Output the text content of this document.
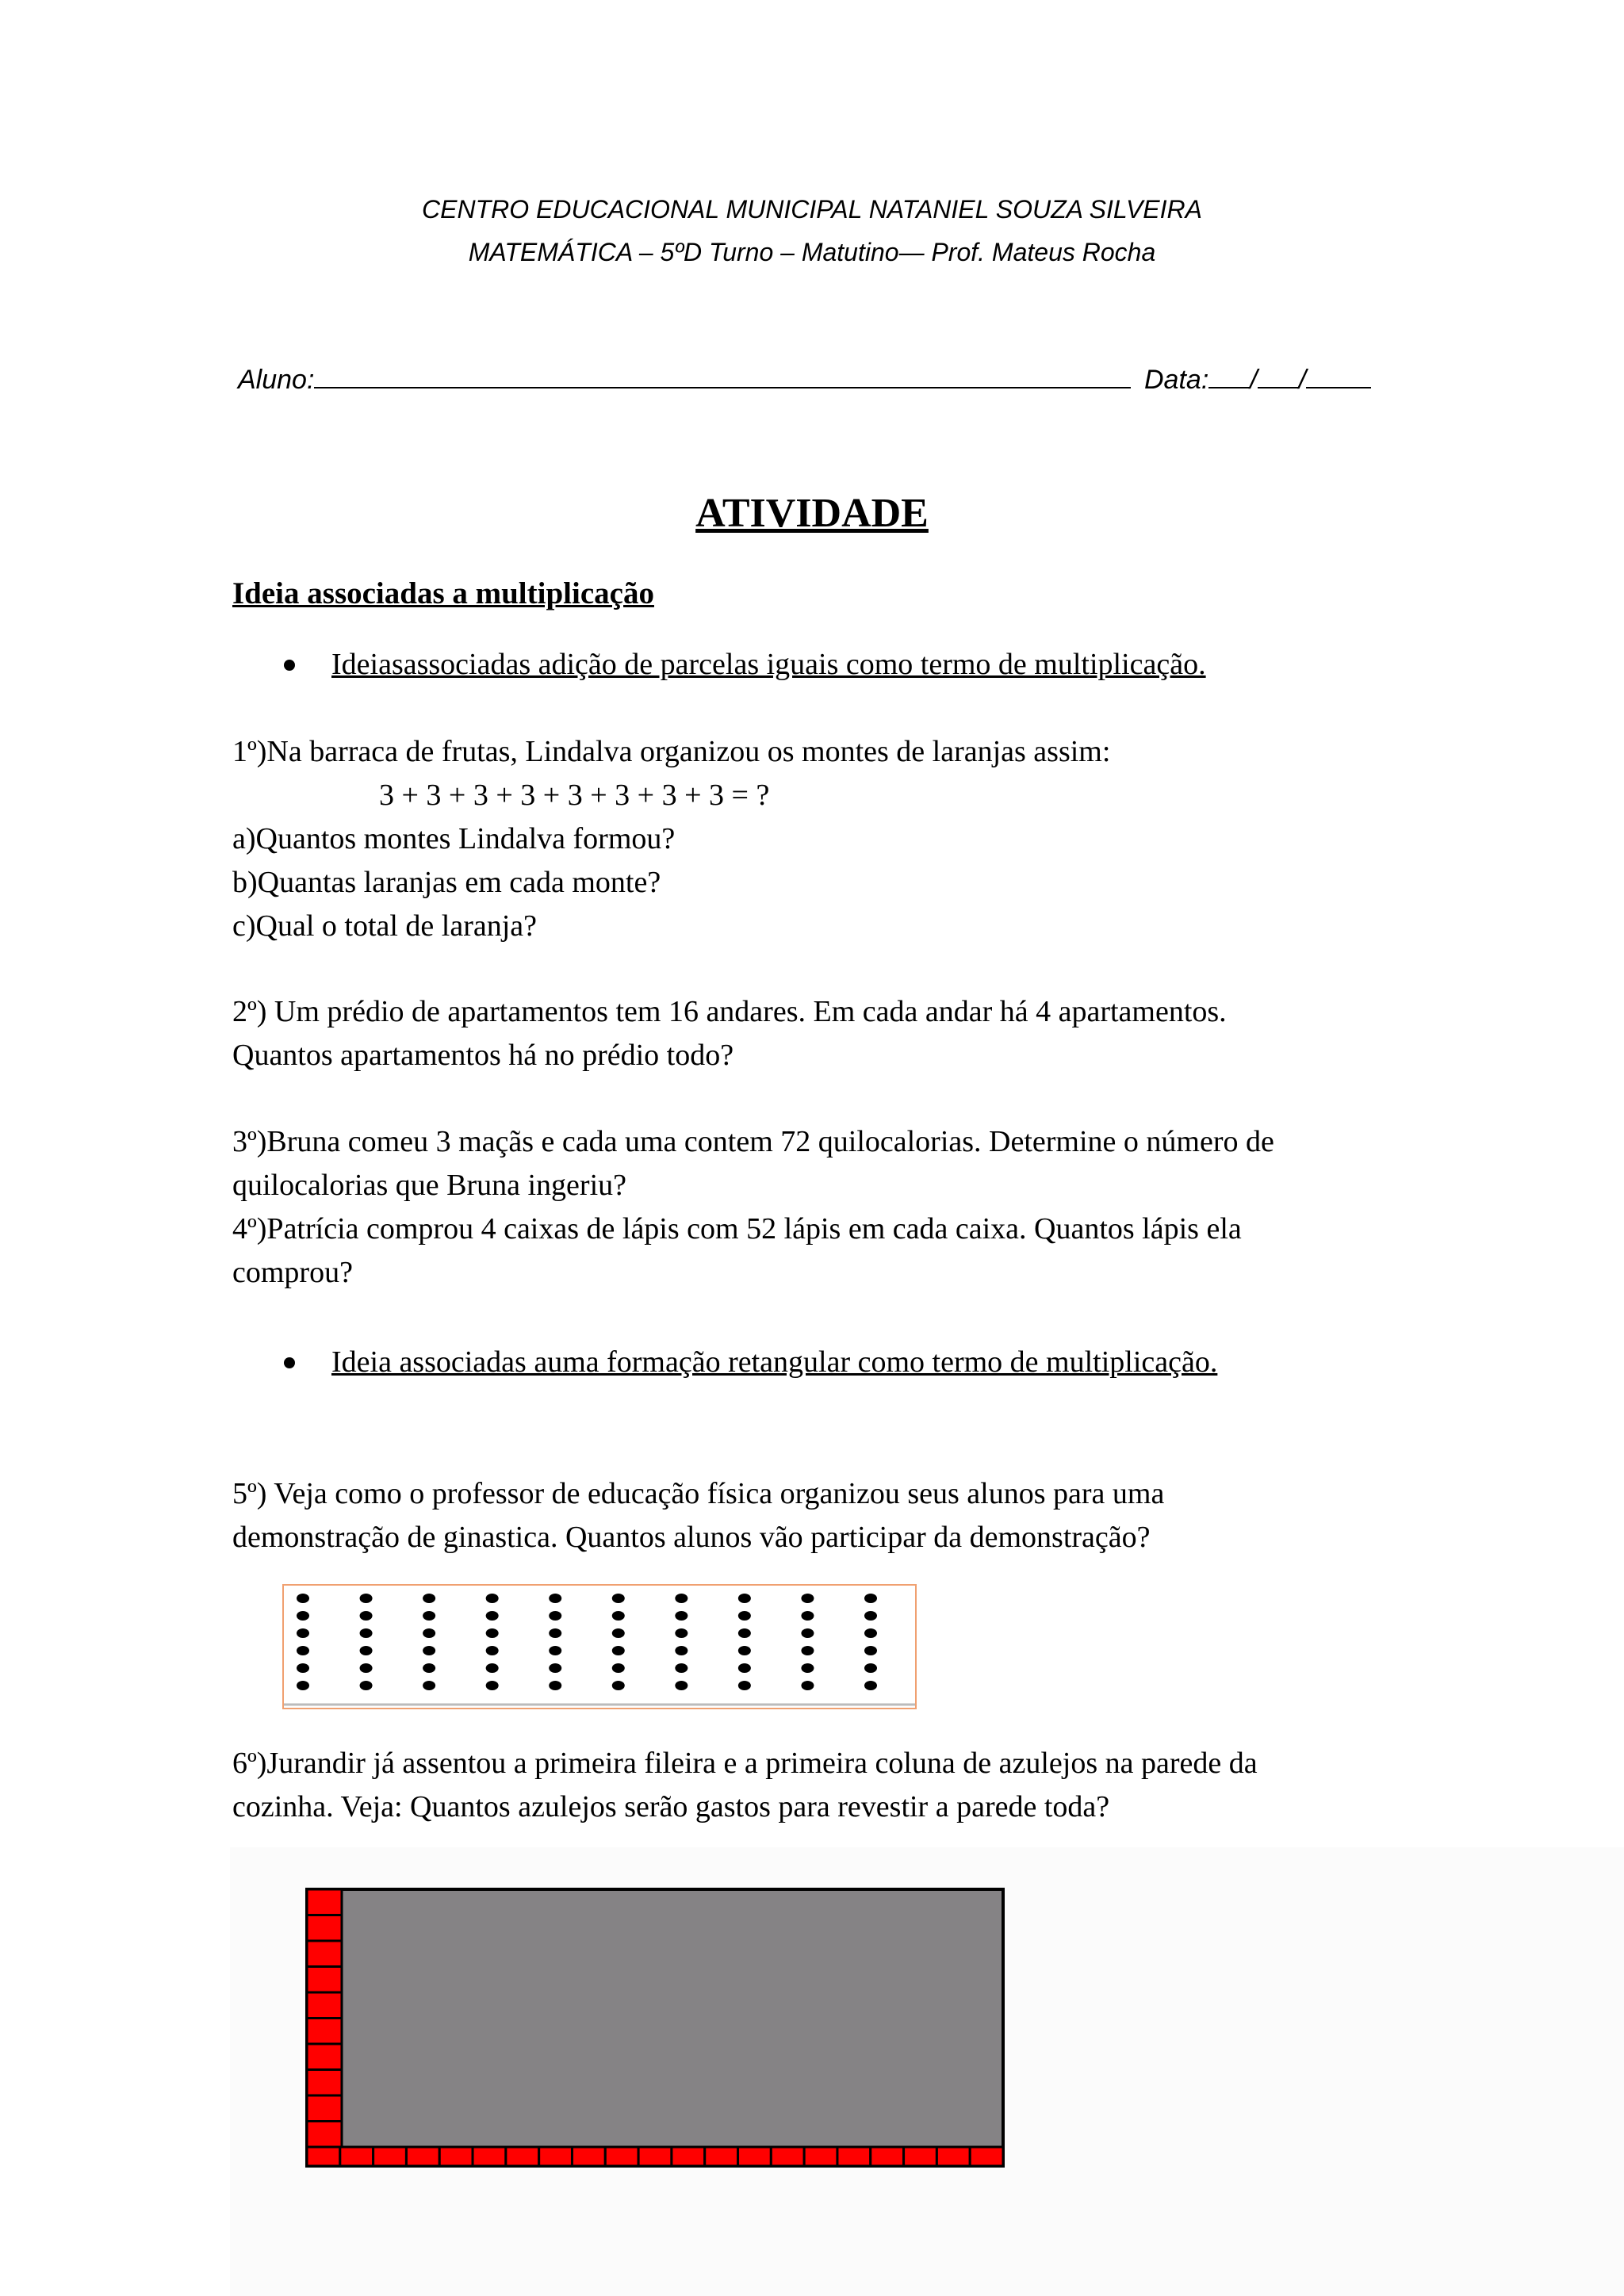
CENTRO EDUCACIONAL MUNICIPAL NATANIEL SOUZA SILVEIRA
MATEMÁTICA – 5ºD Turno – Matutino— Prof. Mateus Rocha
Aluno:	Data: / /
ATIVIDADE
Ideia associadas a multiplicação
Ideiasassociadas adição de parcelas iguais como termo de multiplicação.
1º)Na barraca de frutas, Lindalva organizou os montes de laranjas assim:
3 + 3 + 3 + 3 + 3 + 3 + 3 + 3 = ?
a)Quantos montes Lindalva formou?
b)Quantas laranjas em cada monte?
c)Qual o total de laranja?
2º) Um prédio de apartamentos tem 16 andares. Em cada andar há 4 apartamentos.
Quantos apartamentos há no prédio todo?
3º)Bruna comeu 3 maçãs e cada uma contem 72 quilocalorias. Determine o número de
quilocalorias que Bruna ingeriu?
4º)Patrícia comprou 4 caixas de lápis com 52 lápis em cada caixa. Quantos lápis ela
comprou?
Ideia associadas auma formação retangular como termo de multiplicação.
5º) Veja como o professor de educação física organizou seus alunos para uma
demonstração de ginastica. Quantos alunos vão participar da demonstração?
6º)Jurandir já assentou a primeira fileira e a primeira coluna de azulejos na parede da
cozinha. Veja: Quantos azulejos serão gastos para revestir a parede toda?
